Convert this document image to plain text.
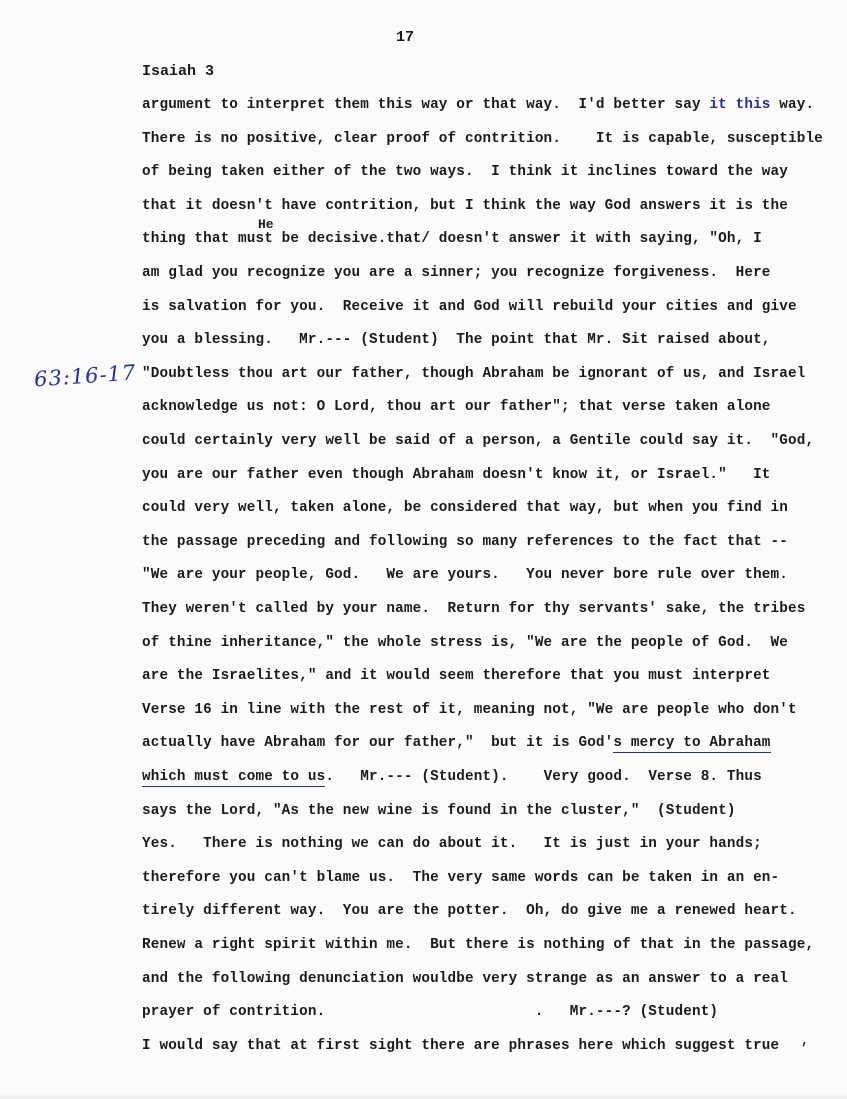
17
Isaiah 3
63:16-17
He
argument to interpret them this way or that way.  I'd better say it this way.
There is no positive, clear proof of contrition.    It is capable, susceptible
of being taken either of the two ways.  I think it inclines toward the way
that it doesn't have contrition, but I think the way God answers it is the
thing that must be decisive.that/ doesn't answer it with saying, "Oh, I
am glad you recognize you are a sinner; you recognize forgiveness.  Here
is salvation for you.  Receive it and God will rebuild your cities and give
you a blessing.   Mr.--- (Student)  The point that Mr. Sit raised about,
"Doubtless thou art our father, though Abraham be ignorant of us, and Israel
acknowledge us not: O Lord, thou art our father"; that verse taken alone
could certainly very well be said of a person, a Gentile could say it.  "God,
you are our father even though Abraham doesn't know it, or Israel."   It
could very well, taken alone, be considered that way, but when you find in
the passage preceding and following so many references to the fact that --
"We are your people, God.   We are yours.   You never bore rule over them.
They weren't called by your name.  Return for thy servants' sake, the tribes
of thine inheritance," the whole stress is, "We are the people of God.  We
are the Israelites," and it would seem therefore that you must interpret
Verse 16 in line with the rest of it, meaning not, "We are people who don't
actually have Abraham for our father,"  but it is God's mercy to Abraham
which must come to us.   Mr.--- (Student).    Very good.  Verse 8. Thus
says the Lord, "As the new wine is found in the cluster,"  (Student)
Yes.   There is nothing we can do about it.   It is just in your hands;
therefore you can't blame us.  The very same words can be taken in an en-
tirely different way.  You are the potter.  Oh, do give me a renewed heart.
Renew a right spirit within me.  But there is nothing of that in the passage,
and the following denunciation wouldbe very strange as an answer to a real
prayer of contrition.                        .   Mr.---? (Student)
I would say that at first sight there are phrases here which suggest true ,
